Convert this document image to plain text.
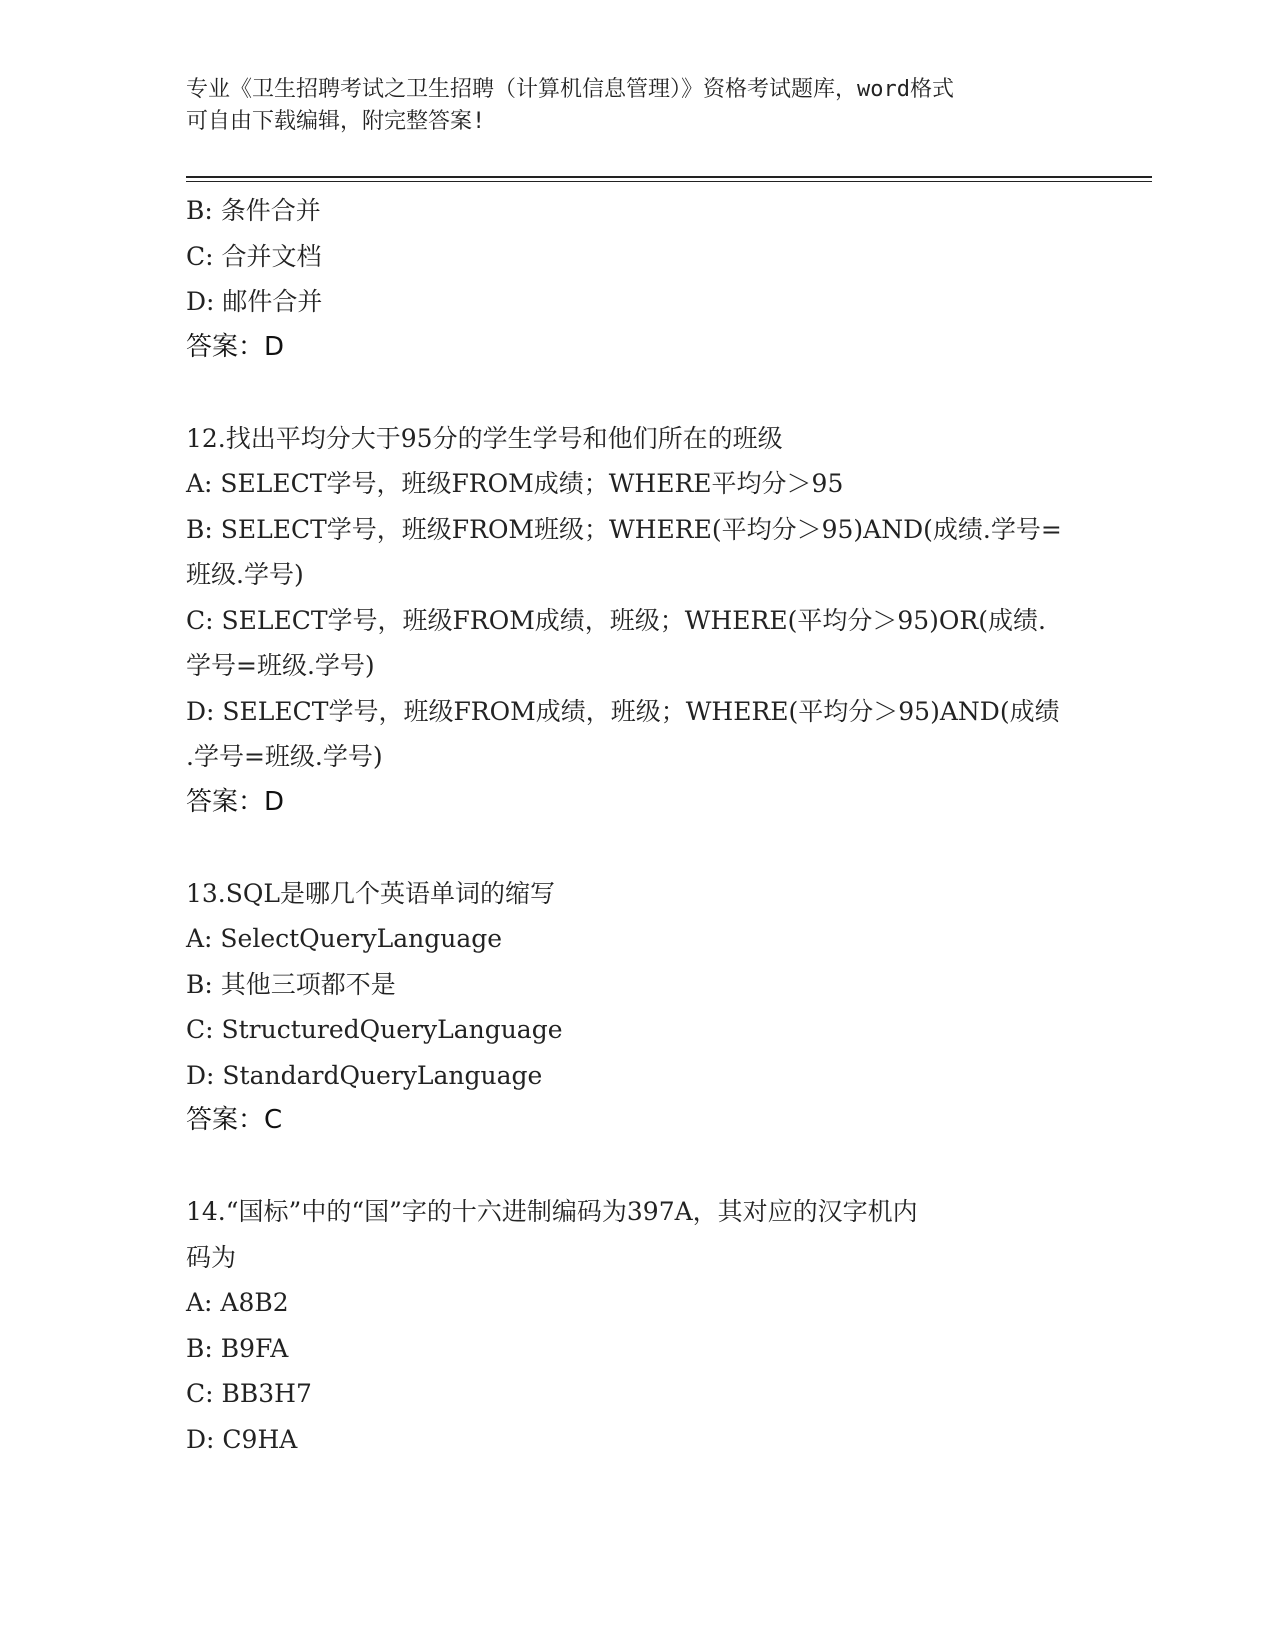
专业《卫生招聘考试之卫生招聘（计算机信息管理）》资格考试题库，word格式
可自由下载编辑，附完整答案!
B: 条件合并
C: 合并文档
D: 邮件合并
答案：D
12.找出平均分大于95分的学生学号和他们所在的班级
A: SELECT学号，班级FROM成绩；WHERE平均分＞95
B: SELECT学号，班级FROM班级；WHERE(平均分＞95)AND(成绩.学号=
班级.学号)
C: SELECT学号，班级FROM成绩，班级；WHERE(平均分＞95)OR(成绩.
学号=班级.学号)
D: SELECT学号，班级FROM成绩，班级；WHERE(平均分＞95)AND(成绩
.学号=班级.学号)
答案：D
13.SQL是哪几个英语单词的缩写
A: SelectQueryLanguage
B: 其他三项都不是
C: StructuredQueryLanguage
D: StandardQueryLanguage
答案：C
14.“国标”中的“国”字的十六进制编码为397A，其对应的汉字机内
码为
A: A8B2
B: B9FA
C: BB3H7
D: C9HA
